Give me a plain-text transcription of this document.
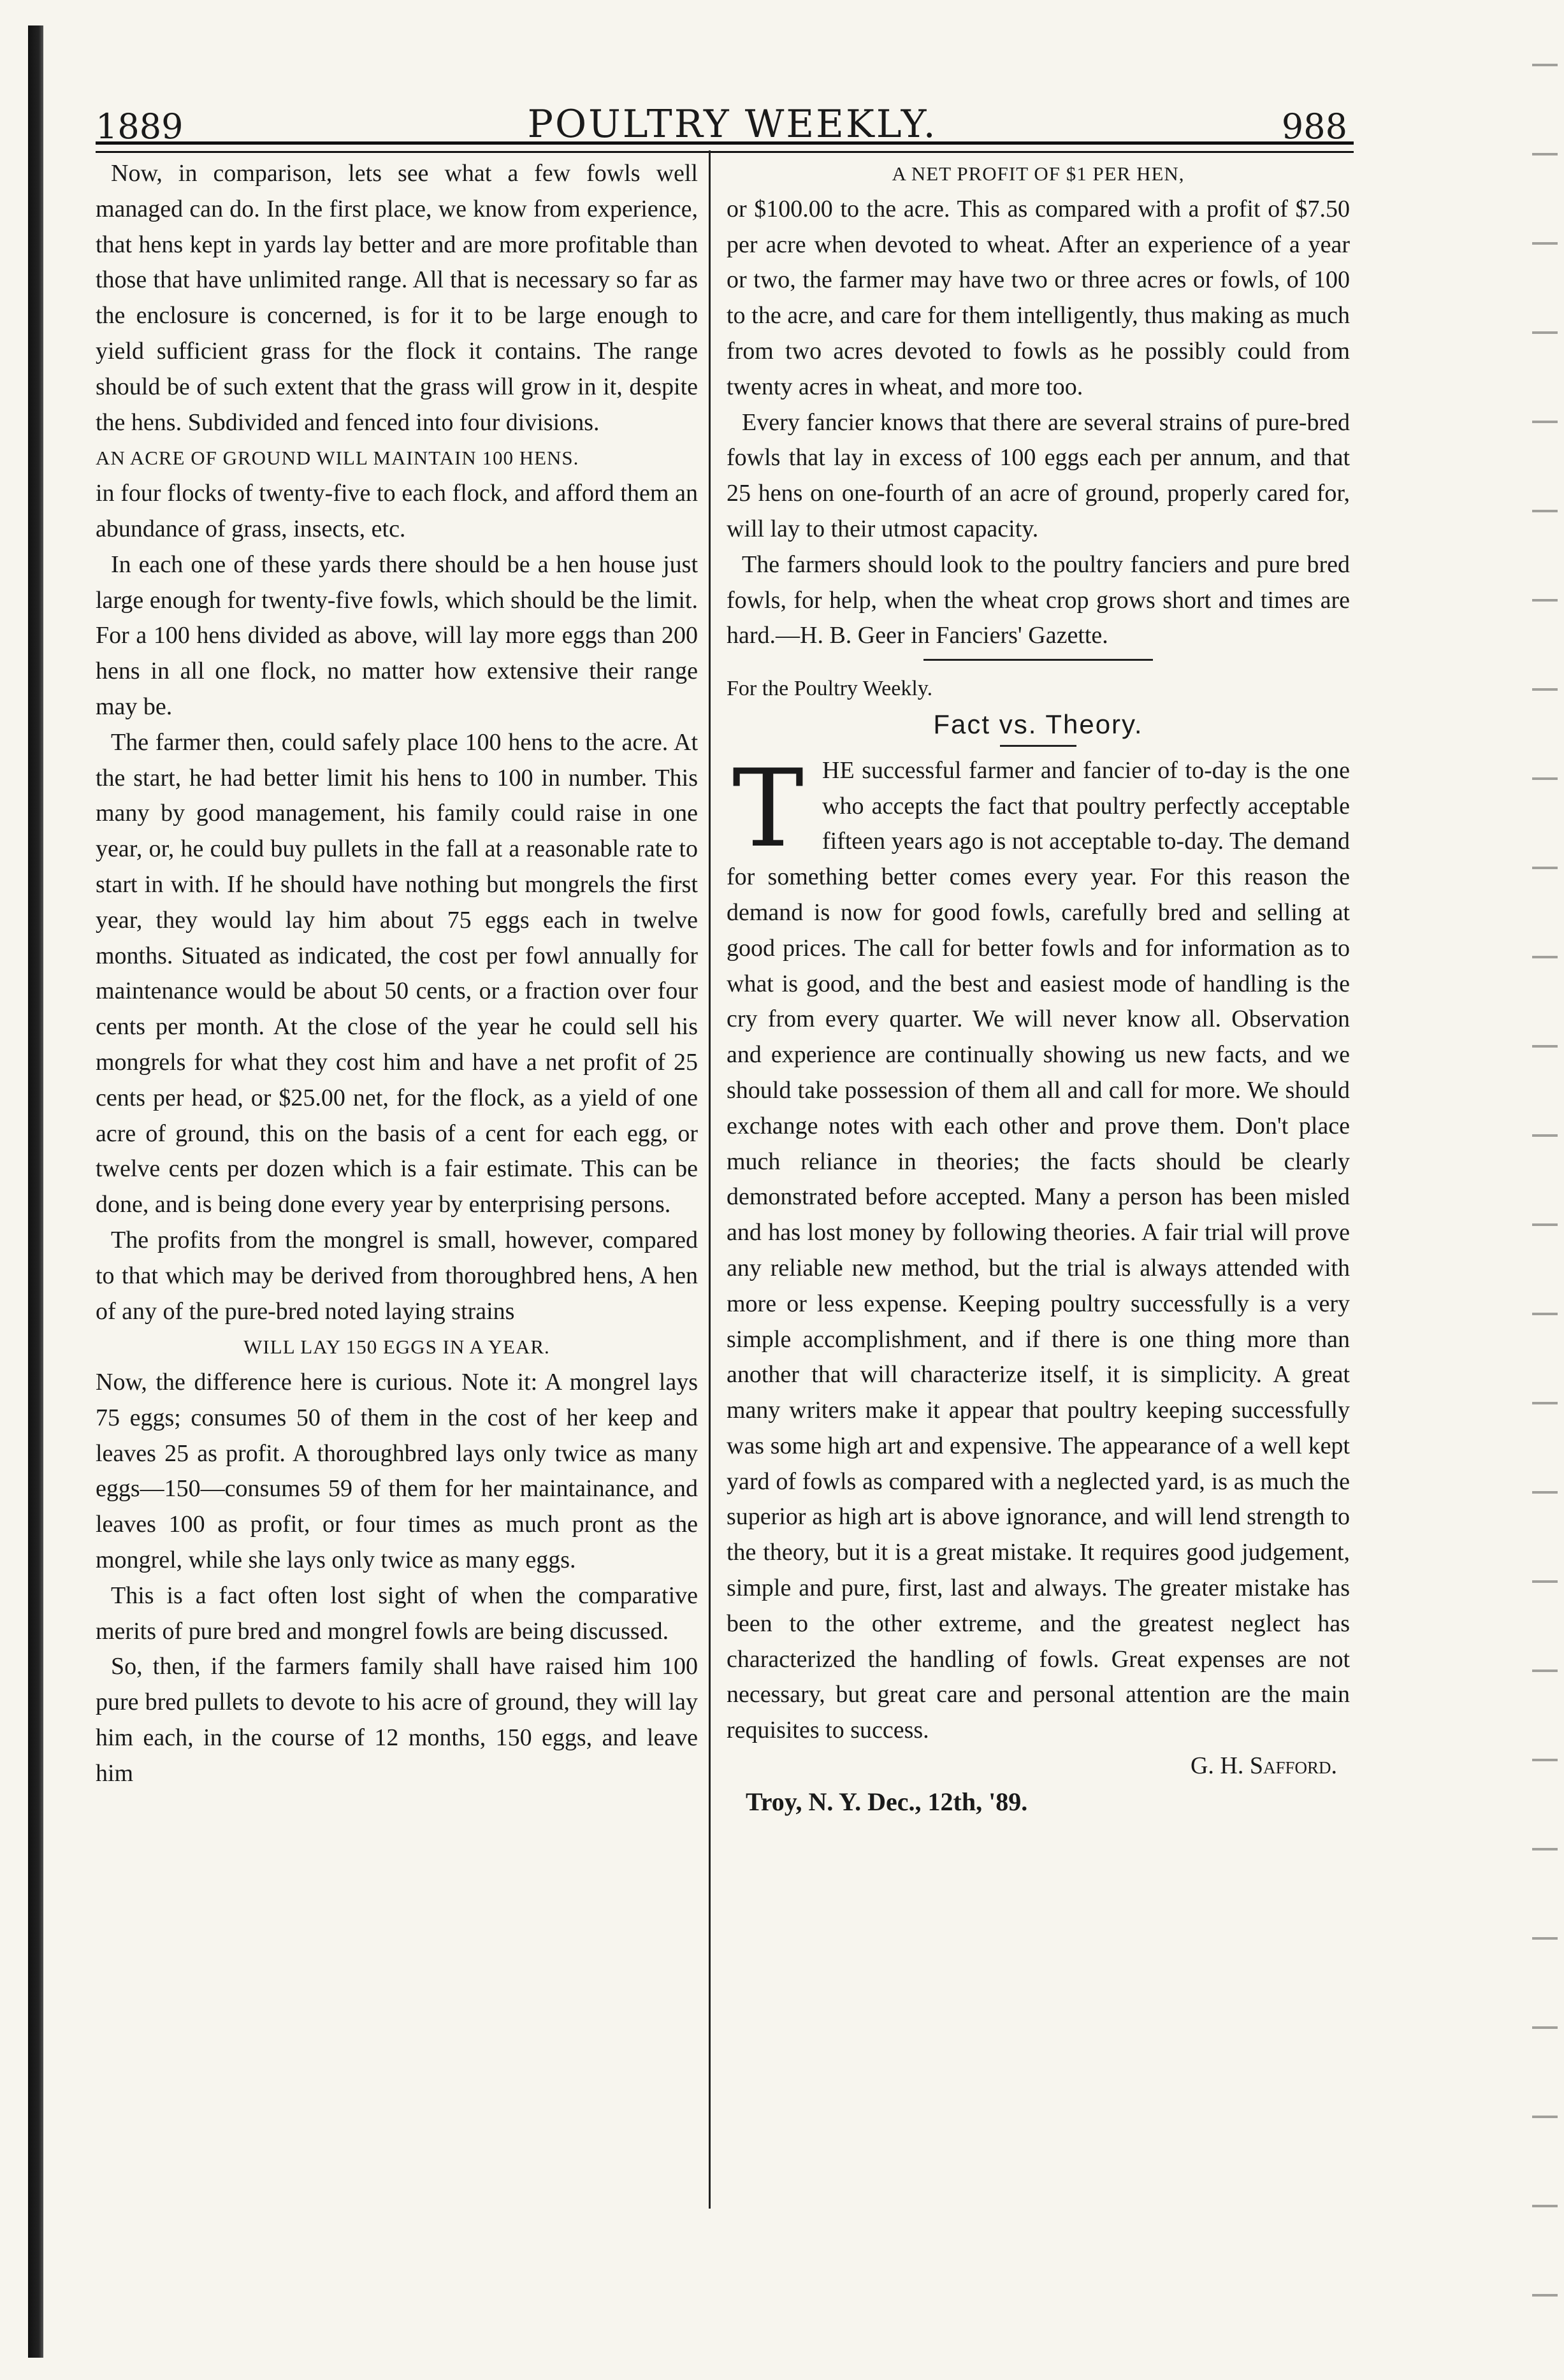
1889	POULTRY WEEKLY.	988

Now, in comparison, lets see what a few fowls well managed can do. In the first place, we know from experience, that hens kept in yards lay better and are more profitable than those that have unlimited range. All that is necessary so far as the enclosure is concerned, is for it to be large enough to yield sufficient grass for the flock it contains. The range should be of such extent that the grass will grow in it, despite the hens. Subdivided and fenced into four divisions.

AN ACRE OF GROUND WILL MAINTAIN 100 HENS.

in four flocks of twenty-five to each flock, and afford them an abundance of grass, insects, etc.

In each one of these yards there should be a hen house just large enough for twenty-five fowls, which should be the limit. For a 100 hens divided as above, will lay more eggs than 200 hens in all one flock, no matter how extensive their range may be.

The farmer then, could safely place 100 hens to the acre. At the start, he had better limit his hens to 100 in number. This many by good management, his family could raise in one year, or, he could buy pullets in the fall at a reasonable rate to start in with. If he should have nothing but mongrels the first year, they would lay him about 75 eggs each in twelve months. Situated as indicated, the cost per fowl annually for maintenance would be about 50 cents, or a fraction over four cents per month. At the close of the year he could sell his mongrels for what they cost him and have a net profit of 25 cents per head, or $25.00 net, for the flock, as a yield of one acre of ground, this on the basis of a cent for each egg, or twelve cents per dozen which is a fair estimate. This can be done, and is being done every year by enterprising persons.

The profits from the mongrel is small, however, compared to that which may be derived from thoroughbred hens, A hen of any of the pure-bred noted laying strains

WILL LAY 150 EGGS IN A YEAR.

Now, the difference here is curious. Note it: A mongrel lays 75 eggs; consumes 50 of them in the cost of her keep and leaves 25 as profit. A thoroughbred lays only twice as many eggs—150—consumes 59 of them for her maintainance, and leaves 100 as profit, or four times as much pront as the mongrel, while she lays only twice as many eggs.

This is a fact often lost sight of when the comparative merits of pure bred and mongrel fowls are being discussed.

So, then, if the farmers family shall have raised him 100 pure bred pullets to devote to his acre of ground, they will lay him each, in the course of 12 months, 150 eggs, and leave him

A NET PROFIT OF $1 PER HEN,

or $100.00 to the acre. This as compared with a profit of $7.50 per acre when devoted to wheat. After an experience of a year or two, the farmer may have two or three acres or fowls, of 100 to the acre, and care for them intelligently, thus making as much from two acres devoted to fowls as he possibly could from twenty acres in wheat, and more too.

Every fancier knows that there are several strains of pure-bred fowls that lay in excess of 100 eggs each per annum, and that 25 hens on one-fourth of an acre of ground, properly cared for, will lay to their utmost capacity.

The farmers should look to the poultry fanciers and pure bred fowls, for help, when the wheat crop grows short and times are hard.—H. B. Geer in Fanciers' Gazette.

For the Poultry Weekly.

Fact vs. Theory.

T HE successful farmer and fancier of to-day is the one who accepts the fact that poultry perfectly acceptable fifteen years ago is not acceptable to-day. The demand for something better comes every year. For this reason the demand is now for good fowls, carefully bred and selling at good prices. The call for better fowls and for information as to what is good, and the best and easiest mode of handling is the cry from every quarter. We will never know all. Observation and experience are continually showing us new facts, and we should take possession of them all and call for more. We should exchange notes with each other and prove them. Don't place much reliance in theories; the facts should be clearly demonstrated before accepted. Many a person has been misled and has lost money by following theories. A fair trial will prove any reliable new method, but the trial is always attended with more or less expense. Keeping poultry successfully is a very simple accomplishment, and if there is one thing more than another that will characterize itself, it is simplicity. A great many writers make it appear that poultry keeping successfully was some high art and expensive. The appearance of a well kept yard of fowls as compared with a neglected yard, is as much the superior as high art is above ignorance, and will lend strength to the theory, but it is a great mistake. It requires good judgement, simple and pure, first, last and always. The greater mistake has been to the other extreme, and the greatest neglect has characterized the handling of fowls. Great expenses are not necessary, but great care and personal attention are the main requisites to success.

G. H. Safford.

Troy, N. Y. Dec., 12th, '89.
